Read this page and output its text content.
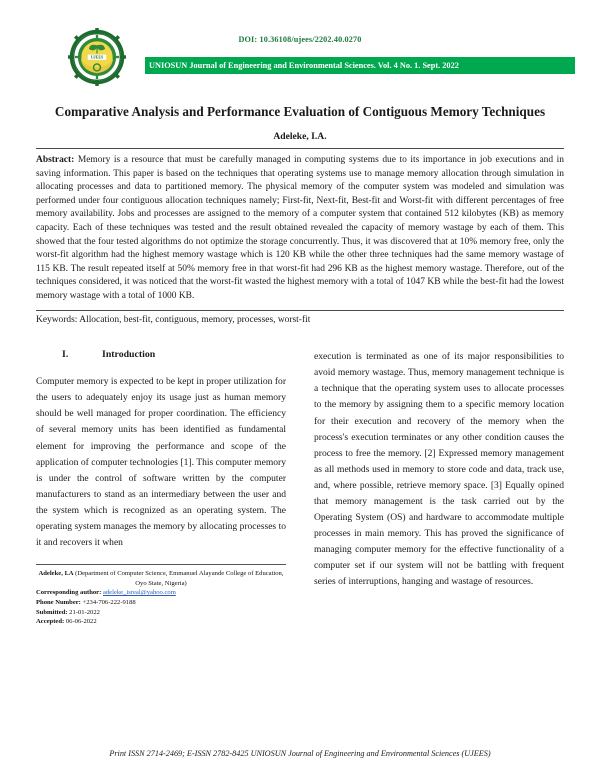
UJEES
DOI: 10.36108/ujees/2202.40.0270
UNIOSUN Journal of Engineering and Environmental Sciences. Vol. 4 No. 1. Sept. 2022
Comparative Analysis and Performance Evaluation of Contiguous Memory Techniques
Adeleke, I.A.
Abstract: Memory is a resource that must be carefully managed in computing systems due to its importance in job executions and in saving information. This paper is based on the techniques that operating systems use to manage memory allocation through simulation in allocating processes and data to partitioned memory. The physical memory of the computer system was modeled and simulation was performed under four contiguous allocation techniques namely; First-fit, Next-fit, Best-fit and Worst-fit with different percentages of free memory availability. Jobs and processes are assigned to the memory of a computer system that contained 512 kilobytes (KB) as memory capacity. Each of these techniques was tested and the result obtained revealed the capacity of memory wastage by each of them. This showed that the four tested algorithms do not optimize the storage concurrently. Thus, it was discovered that at 10% memory free, only the worst-fit algorithm had the highest memory wastage which is 120 KB while the other three techniques had the same memory wastage of 115 KB. The result repeated itself at 50% memory free in that worst-fit had 296 KB as the highest memory wastage. Therefore, out of the techniques considered, it was noticed that the worst-fit wasted the highest memory with a total of 1047 KB while the best-fit had the lowest memory wastage with a total of 1000 KB.
Keywords: Allocation, best-fit, contiguous, memory, processes, worst-fit
I.	Introduction
Computer memory is expected to be kept in proper utilization for the users to adequately enjoy its usage just as human memory should be well managed for proper coordination. The efficiency of several memory units has been identified as fundamental element for improving the performance and scope of the application of computer technologies [1]. This computer memory is under the control of software written by the computer manufacturers to stand as an intermediary between the user and the system which is recognized as an operating system. The operating system manages the memory by allocating processes to it and recovers it when
Adeleke, I.A (Department of Computer Science, Emmanuel Alayande College of Education, Oyo State, Nigeria)
Corresponding author: adeleke_isreal@yahoo.com
Phone Number: +234-706-222-9188
Submitted: 21-01-2022
Accepted: 06-06-2022
execution is terminated as one of its major responsibilities to avoid memory wastage. Thus, memory management technique is a technique that the operating system uses to allocate processes to the memory by assigning them to a specific memory location for their execution and recovery of the memory when the process's execution terminates or any other condition causes the process to free the memory. [2] Expressed memory management as all methods used in memory to store code and data, track use, and, where possible, retrieve memory space. [3] Equally opined that memory management is the task carried out by the Operating System (OS) and hardware to accommodate multiple processes in main memory. This has proved the significance of managing computer memory for the effective functionality of a computer set if our system will not be battling with frequent series of interruptions, hanging and wastage of resources.
Print ISSN 2714-2469; E-ISSN 2782-8425 UNIOSUN Journal of Engineering and Environmental Sciences (UJEES)
